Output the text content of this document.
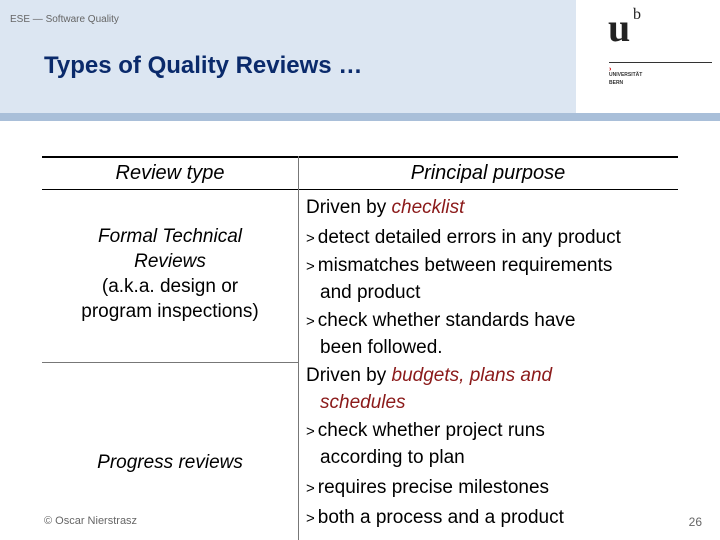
ESE — Software Quality
Types of Quality Reviews …
u b
›
UNIVERSITÄT
BERN
Review type	Principal purpose
Formal Technical
Reviews
(a.k.a. design or
program inspections)
Progress reviews
Driven by checklist
> detect detailed errors in any product
> mismatches between requirements
and product
> check whether standards have
been followed.
Driven by budgets, plans and
schedules
> check whether project runs
according to plan
> requires precise milestones
> both a process and a product
© Oscar Nierstrasz	26
